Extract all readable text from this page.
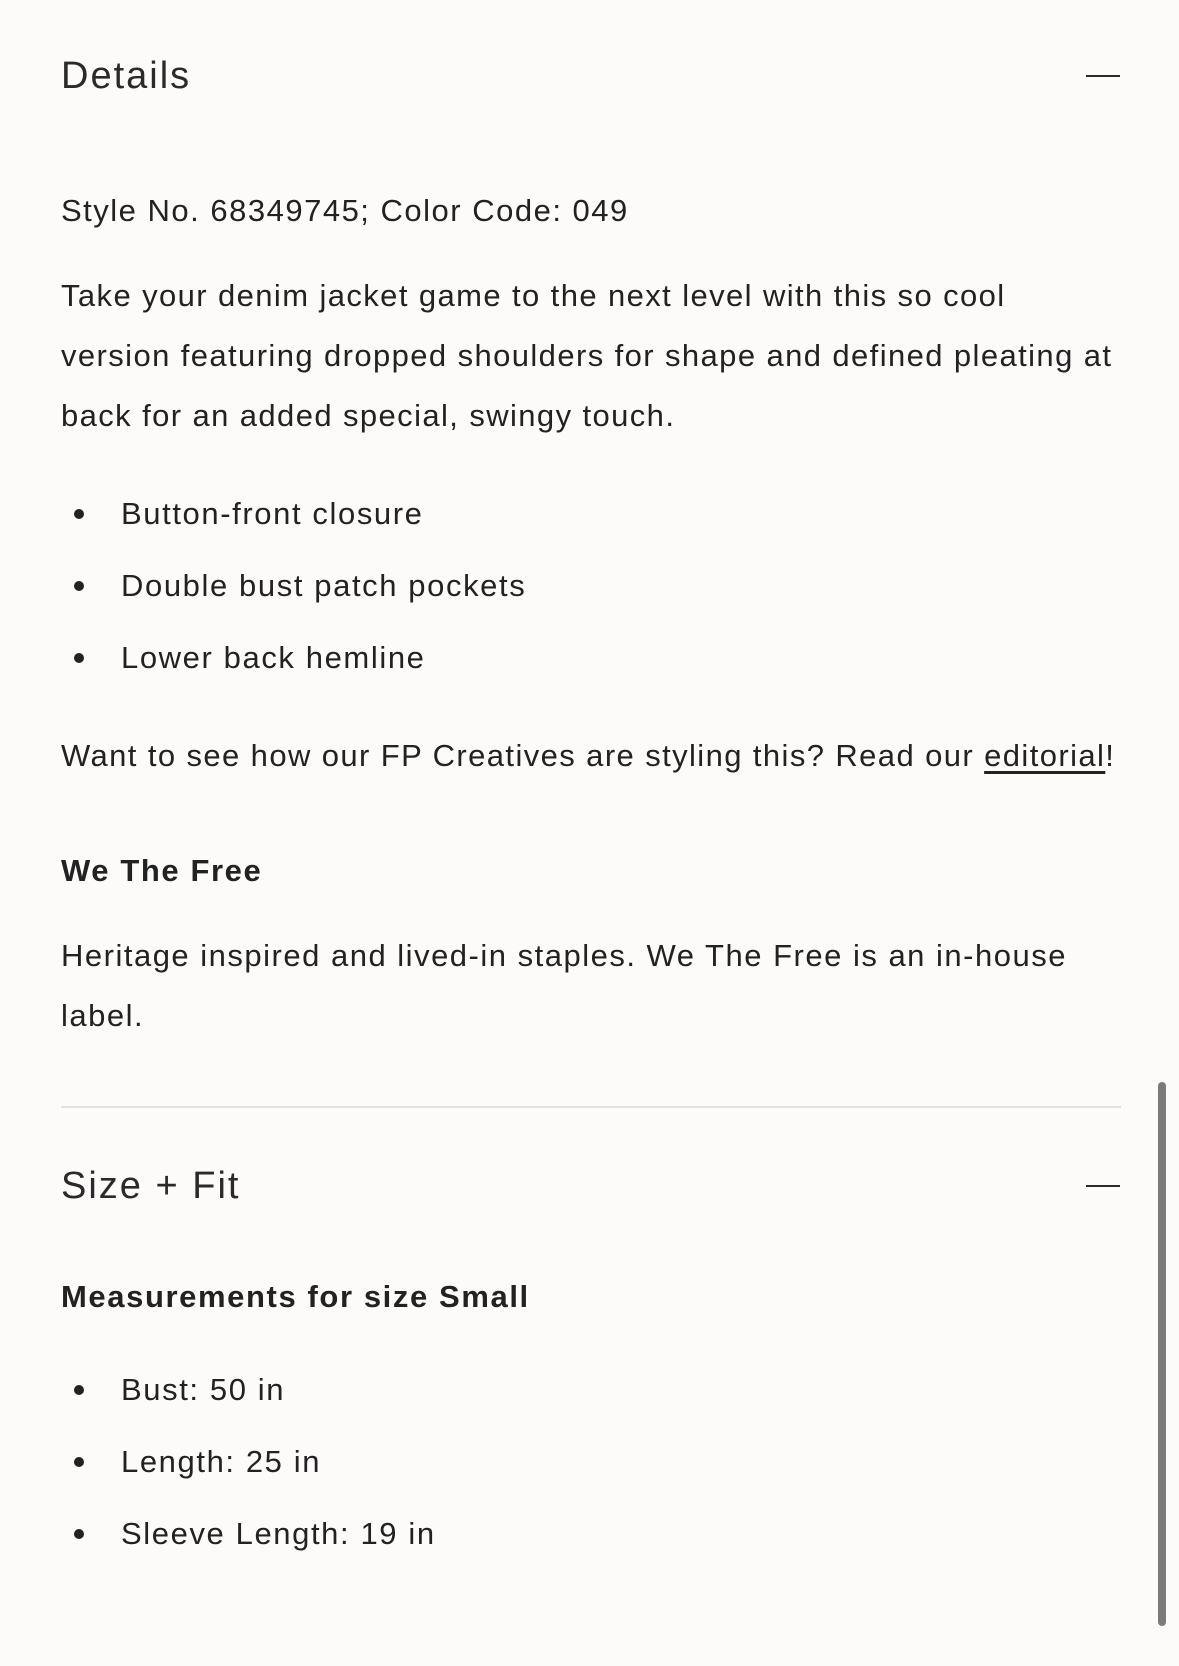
Details
Style No. 68349745; Color Code: 049
Take your denim jacket game to the next level with this so cool version featuring dropped shoulders for shape and defined pleating at back for an added special, swingy touch.
Button-front closure
Double bust patch pockets
Lower back hemline
Want to see how our FP Creatives are styling this? Read our editorial!
We The Free
Heritage inspired and lived-in staples. We The Free is an in-house label.
Size + Fit
Measurements for size Small
Bust: 50 in
Length: 25 in
Sleeve Length: 19 in
